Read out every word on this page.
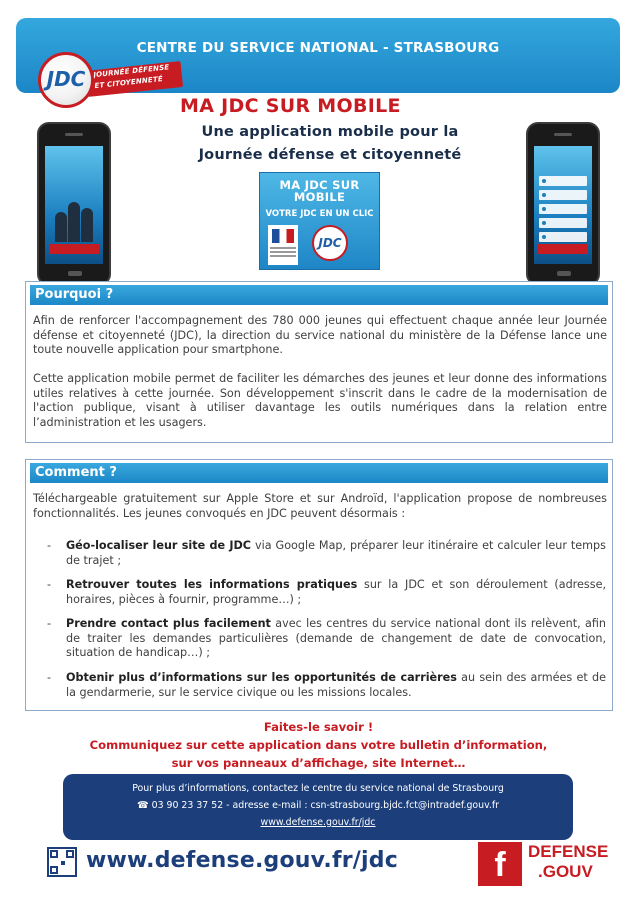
CENTRE DU SERVICE NATIONAL - STRASBOURG
JOURNÉE DÉFENSE
ET CITOYENNETÉ
JDC
MA JDC SUR MOBILE
Une application mobile pour la
Journée défense et citoyenneté
MA JDC SUR
MOBILE
VOTRE JDC EN UN CLIC
JDC
Pourquoi ?
Afin de renforcer l'accompagnement des 780 000 jeunes qui effectuent chaque année leur Journée défense et citoyenneté (JDC), la direction du service national du ministère de la Défense lance une toute nouvelle application pour smartphone.
Cette application mobile permet de faciliter les démarches des jeunes et leur donne des informations utiles relatives à cette journée. Son développement s'inscrit dans le cadre de la modernisation de l'action publique, visant à utiliser davantage les outils numériques dans la relation entre l’administration et les usagers.
Comment ?
Téléchargeable gratuitement sur Apple Store et sur Androïd, l'application propose de nombreuses fonctionnalités. Les jeunes convoqués en JDC peuvent désormais :
- Géo-localiser leur site de JDC via Google Map, préparer leur itinéraire et calculer leur temps de trajet ;
- Retrouver toutes les informations pratiques sur la JDC et son déroulement (adresse, horaires, pièces à fournir, programme…) ;
- Prendre contact plus facilement avec les centres du service national dont ils relèvent, afin de traiter les demandes particulières (demande de changement de date de convocation, situation de handicap…) ;
- Obtenir plus d’informations sur les opportunités de carrières au sein des armées et de la gendarmerie, sur le service civique ou les missions locales.
Faites-le savoir !
Communiquez sur cette application dans votre bulletin d’information,
sur vos panneaux d’affichage, site Internet…
Pour plus d’informations, contactez le centre du service national de Strasbourg
☎ 03 90 23 37 52 - adresse e-mail : csn-strasbourg.bjdc.fct@intradef.gouv.fr
www.defense.gouv.fr/jdc
www.defense.gouv.fr/jdc	f	DEFENSE
.GOUV
